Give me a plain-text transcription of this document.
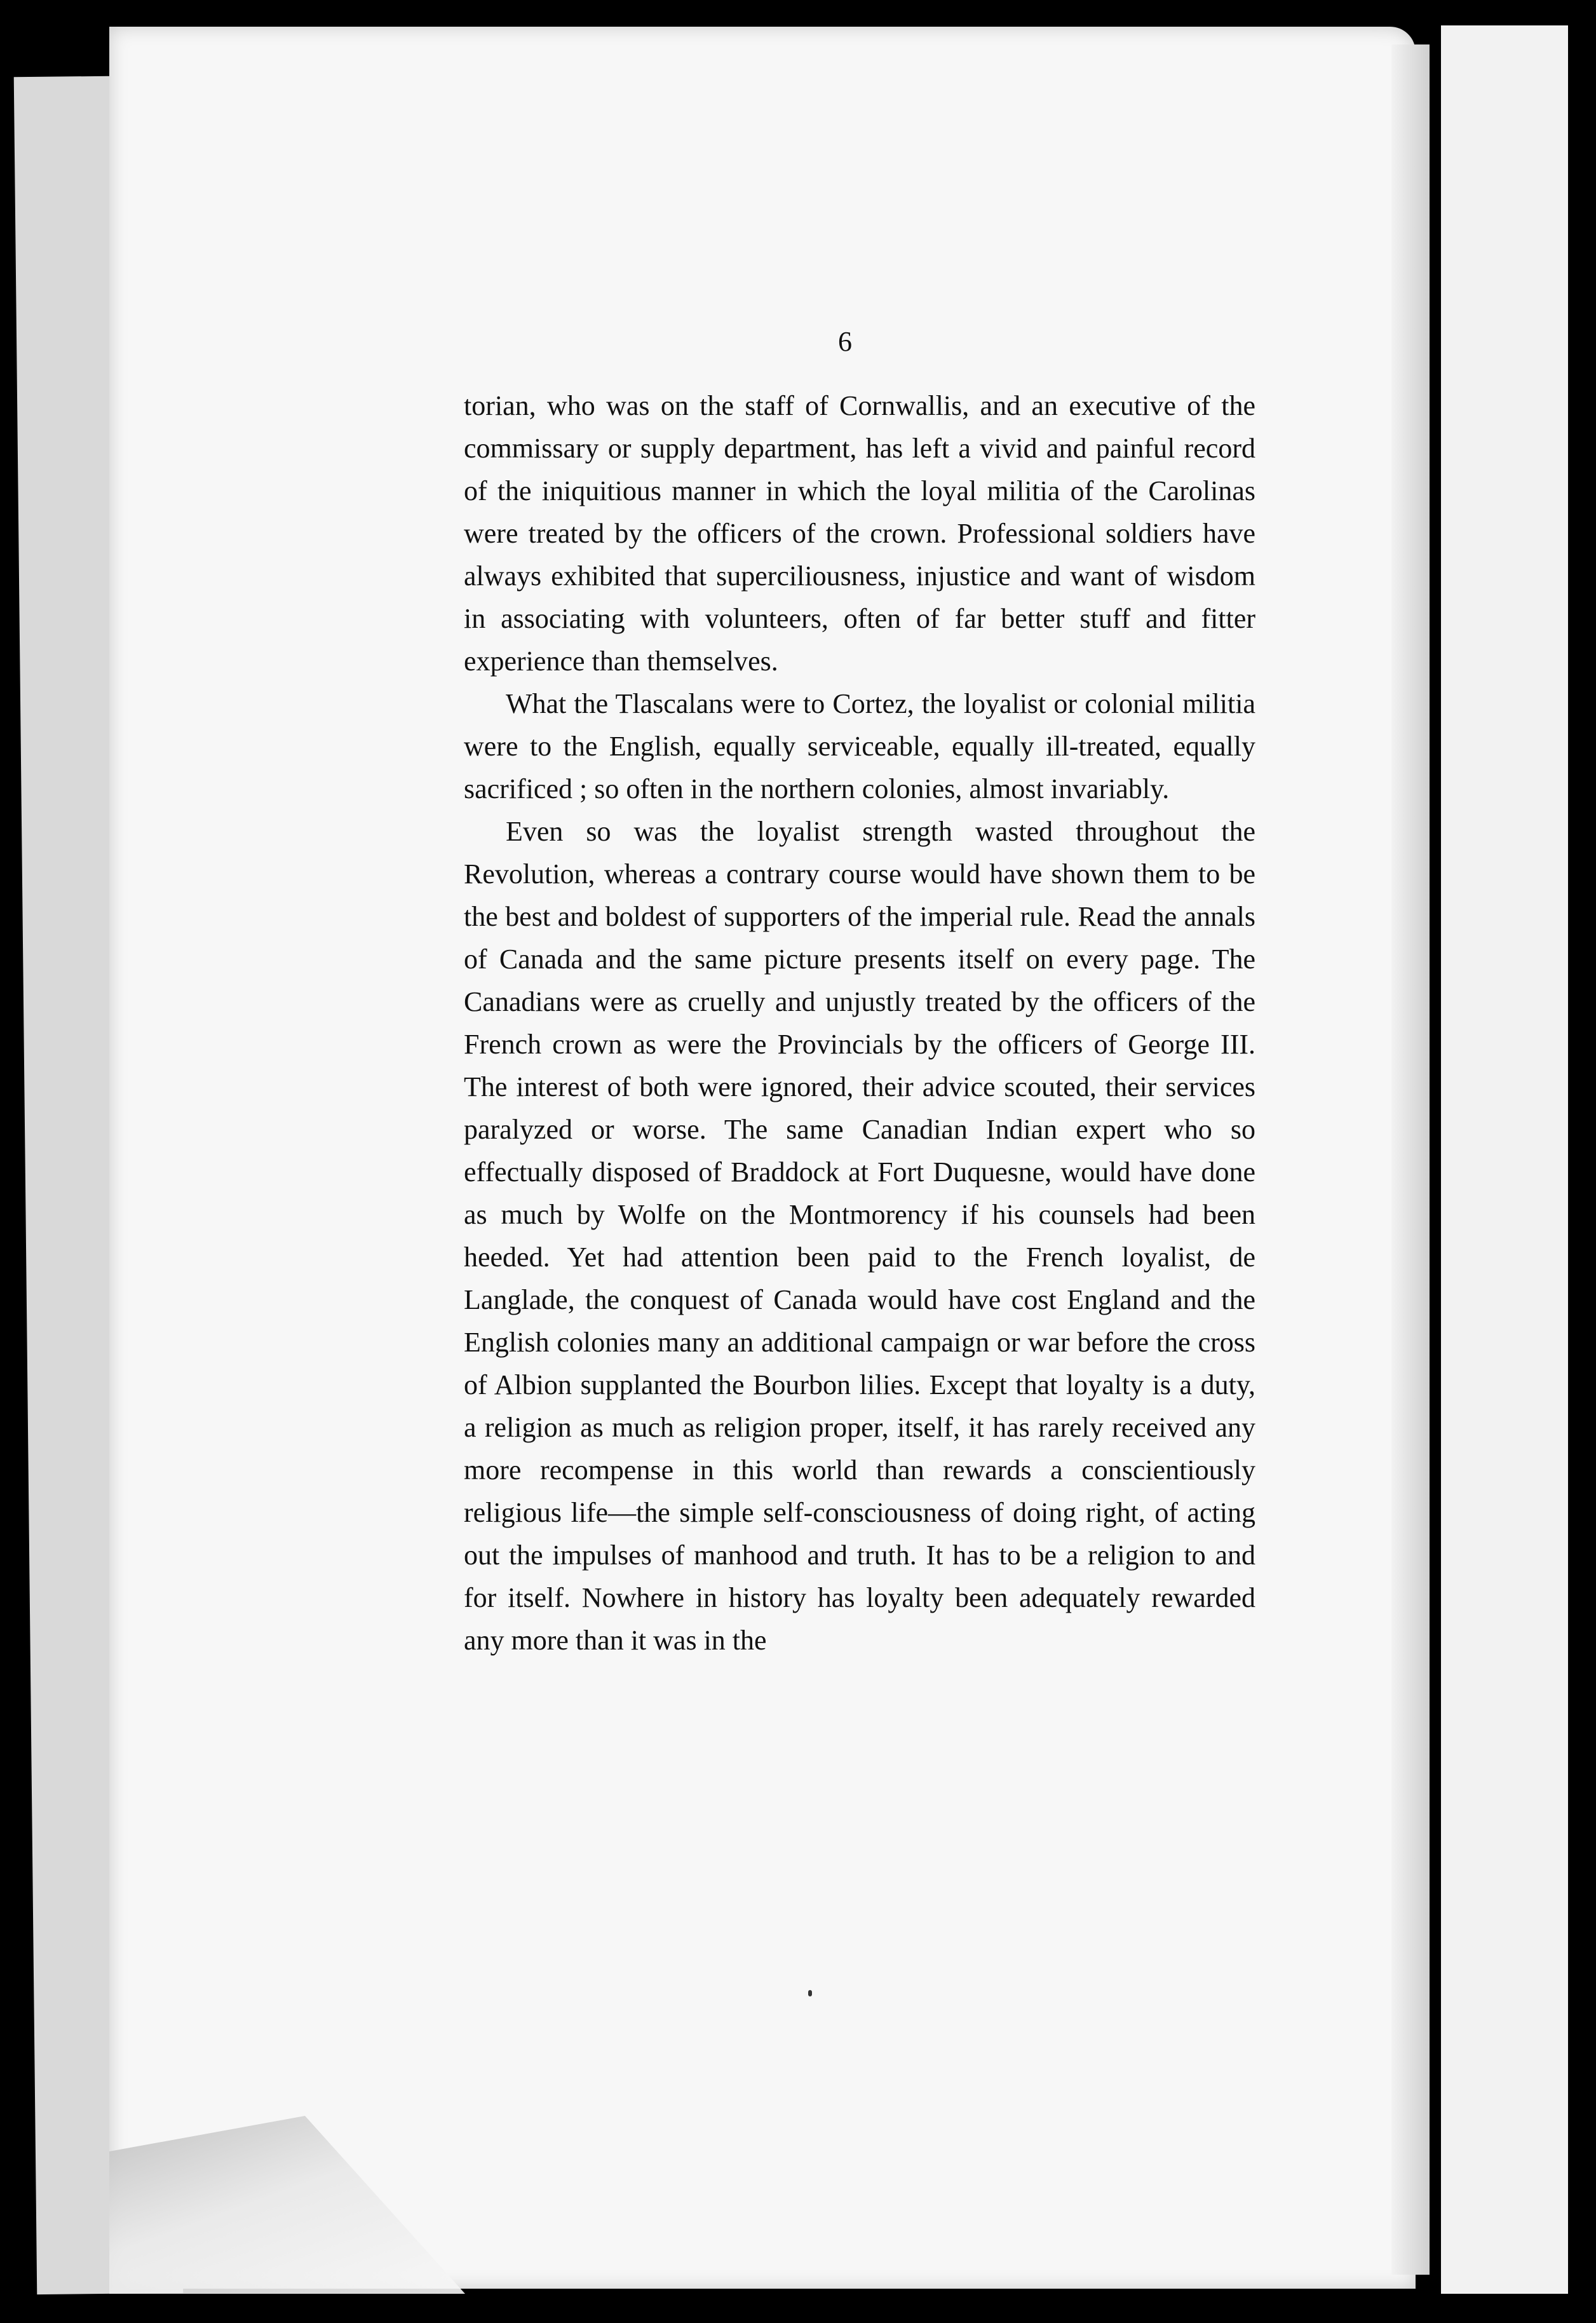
6

torian, who was on the staff of Cornwallis, and an executive of the commissary or supply department, has left a vivid and painful record of the iniquitious manner in which the loyal militia of the Carolinas were treated by the officers of the crown. Professional soldiers have always exhibited that superciliousness, injustice and want of wisdom in associating with volunteers, often of far better stuff and fitter experience than themselves.

What the Tlascalans were to Cortez, the loyalist or colonial militia were to the English, equally serviceable, equally ill-treated, equally sacrificed ; so often in the northern colonies, almost invariably.

Even so was the loyalist strength wasted throughout the Revolution, whereas a contrary course would have shown them to be the best and boldest of supporters of the imperial rule. Read the annals of Canada and the same picture presents itself on every page. The Canadians were as cruelly and unjustly treated by the officers of the French crown as were the Provincials by the officers of George III. The interest of both were ignored, their advice scouted, their services paralyzed or worse. The same Canadian Indian expert who so effectually disposed of Braddock at Fort Duquesne, would have done as much by Wolfe on the Montmorency if his counsels had been heeded. Yet had attention been paid to the French loyalist, de Langlade, the conquest of Canada would have cost England and the English colonies many an additional campaign or war before the cross of Albion supplanted the Bourbon lilies. Except that loyalty is a duty, a religion as much as religion proper, itself, it has rarely received any more recompense in this world than rewards a conscientiously religious life—the simple self-consciousness of doing right, of acting out the impulses of manhood and truth. It has to be a religion to and for itself. Nowhere in history has loyalty been adequately rewarded any more than it was in the
